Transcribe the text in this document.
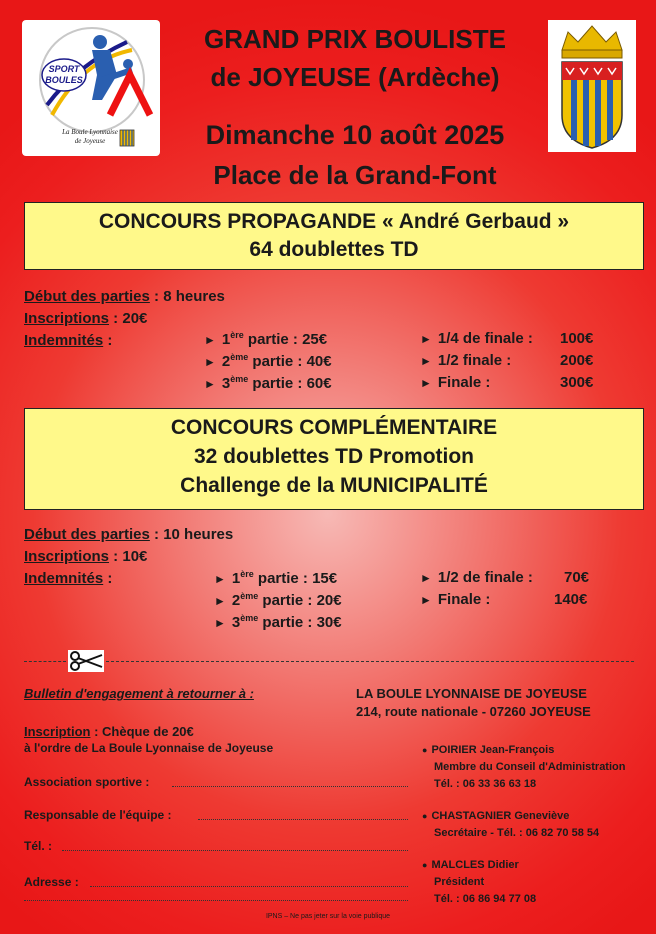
SPORT
BOULES
La Boule Lyonnaise
de Joyeuse
GRAND PRIX BOULISTE
de JOYEUSE (Ardèche)
Dimanche 10 août 2025
Place de la Grand-Font
CONCOURS PROPAGANDE « André Gerbaud »
64 doublettes TD
Début des parties : 8 heures
Inscriptions : 20€
Indemnités :	► 1ère partie : 25€
► 2ème partie : 40€
► 3ème partie : 60€
► 1/4 de finale : 100€
► 1/2 finale :	200€
► Finale :	300€
CONCOURS COMPLÉMENTAIRE
32 doublettes TD Promotion
Challenge de la MUNICIPALITÉ
Début des parties : 10 heures
Inscriptions : 10€
Indemnités :	► 1ère partie : 15€
► 2ème partie : 20€
► 3ème partie : 30€
► 1/2 de finale : 70€
► Finale :	140€
Bulletin d'engagement à retourner à :	LA BOULE LYONNAISE DE JOYEUSE
214, route nationale - 07260 JOYEUSE
Inscription : Chèque de 20€
à l'ordre de La Boule Lyonnaise de Joyeuse
Association sportive :
Responsable de l'équipe :
Tél. :
Adresse :
● POIRIER Jean-François
Membre du Conseil d'Administration
Tél. : 06 33 36 63 18
● CHASTAGNIER Geneviève
Secrétaire - Tél. : 06 82 70 58 54
● MALCLES Didier
Président
Tél. : 06 86 94 77 08
IPNS – Ne pas jeter sur la voie publique
